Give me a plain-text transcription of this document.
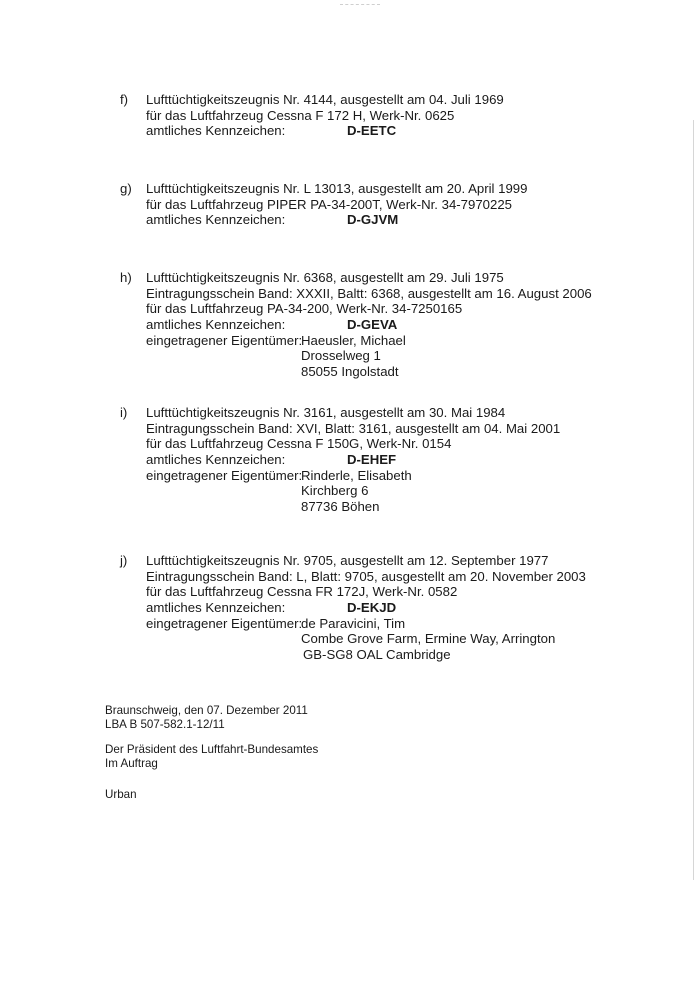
f)	Lufttüchtigkeitszeugnis Nr. 4144, ausgestellt am 04. Juli 1969
für das Luftfahrzeug Cessna F 172 H, Werk-Nr. 0625
amtliches Kennzeichen:	D-EETC
g)	Lufttüchtigkeitszeugnis Nr. L 13013, ausgestellt am 20. April 1999
für das Luftfahrzeug PIPER PA-34-200T, Werk-Nr. 34-7970225
amtliches Kennzeichen:	D-GJVM
h)	Lufttüchtigkeitszeugnis Nr. 6368, ausgestellt am 29. Juli 1975
Eintragungsschein Band: XXXII, Baltt: 6368, ausgestellt am 16. August 2006
für das Luftfahrzeug PA-34-200, Werk-Nr. 34-7250165
amtliches Kennzeichen:	D-GEVA
eingetragener Eigentümer:
Haeusler, Michael
Drosselweg 1
85055 Ingolstadt
i)	Lufttüchtigkeitszeugnis Nr. 3161, ausgestellt am 30. Mai 1984
Eintragungsschein Band: XVI, Blatt: 3161, ausgestellt am 04. Mai 2001
für das Luftfahrzeug Cessna F 150G, Werk-Nr. 0154
amtliches Kennzeichen:	D-EHEF
eingetragener Eigentümer:
Rinderle, Elisabeth
Kirchberg 6
87736 Böhen
j)	Lufttüchtigkeitszeugnis Nr. 9705, ausgestellt am 12. September 1977
Eintragungsschein Band: L, Blatt: 9705, ausgestellt am 20. November 2003
für das Luftfahrzeug Cessna FR 172J, Werk-Nr. 0582
amtliches Kennzeichen:	D-EKJD
eingetragener Eigentümer:
de Paravicini, Tim
Combe Grove Farm, Ermine Way, Arrington
GB-SG8 OAL Cambridge
Braunschweig, den 07. Dezember 2011
LBA B 507-582.1-12/11
Der Präsident des Luftfahrt-Bundesamtes
Im Auftrag
Urban
